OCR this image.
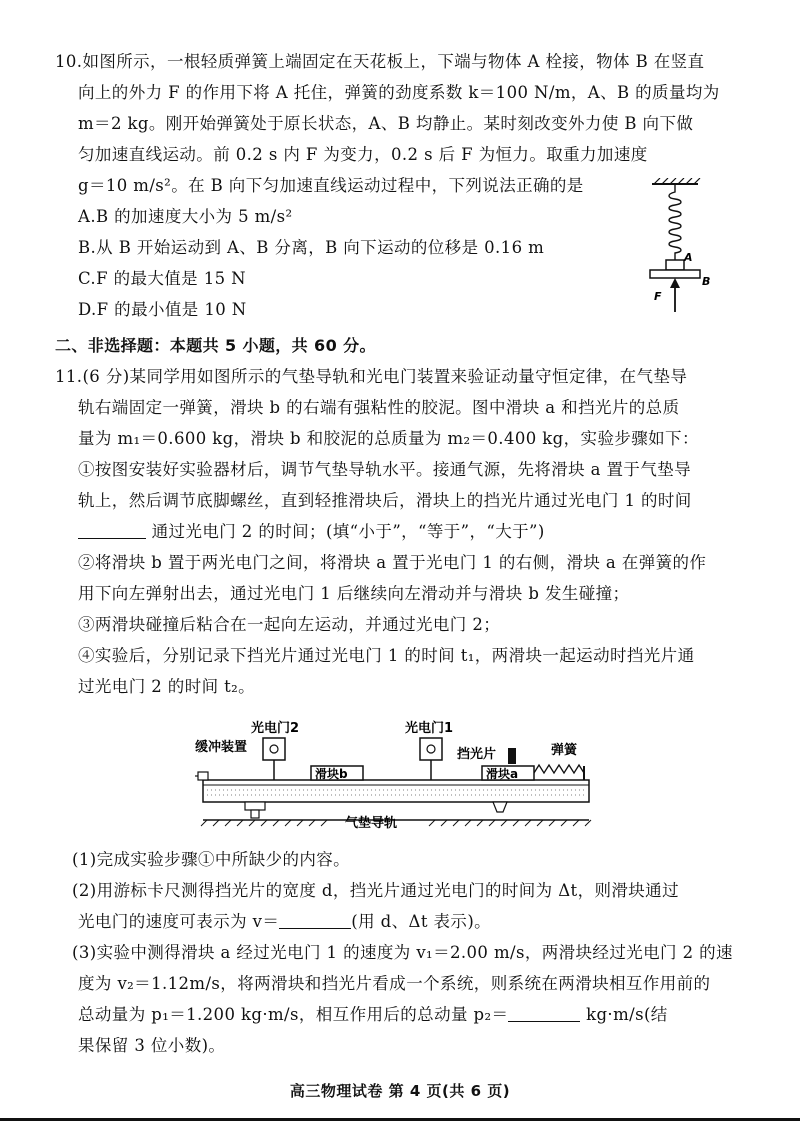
10.如图所示，一根轻质弹簧上端固定在天花板上，下端与物体 A 栓接，物体 B 在竖直
向上的外力 F 的作用下将 A 托住，弹簧的劲度系数 k＝100 N/m，A、B 的质量均为
m＝2 kg。刚开始弹簧处于原长状态，A、B 均静止。某时刻改变外力使 B 向下做
匀加速直线运动。前 0.2 s 内 F 为变力，0.2 s 后 F 为恒力。取重力加速度
g＝10 m/s²。在 B 向下匀加速直线运动过程中，下列说法正确的是
A.B 的加速度大小为 5 m/s²
B.从 B 开始运动到 A、B 分离，B 向下运动的位移是 0.16 m
C.F 的最大值是 15 N
D.F 的最小值是 10 N
A
B
F
二、非选择题：本题共 5 小题，共 60 分。
11.(6 分)某同学用如图所示的气垫导轨和光电门装置来验证动量守恒定律，在气垫导
轨右端固定一弹簧，滑块 b 的右端有强粘性的胶泥。图中滑块 a 和挡光片的总质
量为 m₁＝0.600 kg，滑块 b 和胶泥的总质量为 m₂＝0.400 kg，实验步骤如下：
①按图安装好实验器材后，调节气垫导轨水平。接通气源，先将滑块 a 置于气垫导
轨上，然后调节底脚螺丝，直到轻推滑块后，滑块上的挡光片通过光电门 1 的时间
通过光电门 2 的时间；(填“小于”，“等于”，“大于”)
②将滑块 b 置于两光电门之间，将滑块 a 置于光电门 1 的右侧，滑块 a 在弹簧的作
用下向左弹射出去，通过光电门 1 后继续向左滑动并与滑块 b 发生碰撞；
③两滑块碰撞后粘合在一起向左运动，并通过光电门 2；
④实验后，分别记录下挡光片通过光电门 1 的时间 t₁，两滑块一起运动时挡光片通
过光电门 2 的时间 t₂。
光电门2	光电门1
缓冲装置	挡光片	弹簧
滑块b	滑块a
气垫导轨
(1)完成实验步骤①中所缺少的内容。
(2)用游标卡尺测得挡光片的宽度 d，挡光片通过光电门的时间为 Δt，则滑块通过
光电门的速度可表示为 v＝	(用 d、Δt 表示)。
(3)实验中测得滑块 a 经过光电门 1 的速度为 v₁＝2.00 m/s，两滑块经过光电门 2 的速
度为 v₂＝1.12m/s，将两滑块和挡光片看成一个系统，则系统在两滑块相互作用前的
总动量为 p₁＝1.200 kg·m/s，相互作用后的总动量 p₂＝	kg·m/s(结
果保留 3 位小数)。
高三物理试卷 第 4 页(共 6 页)
